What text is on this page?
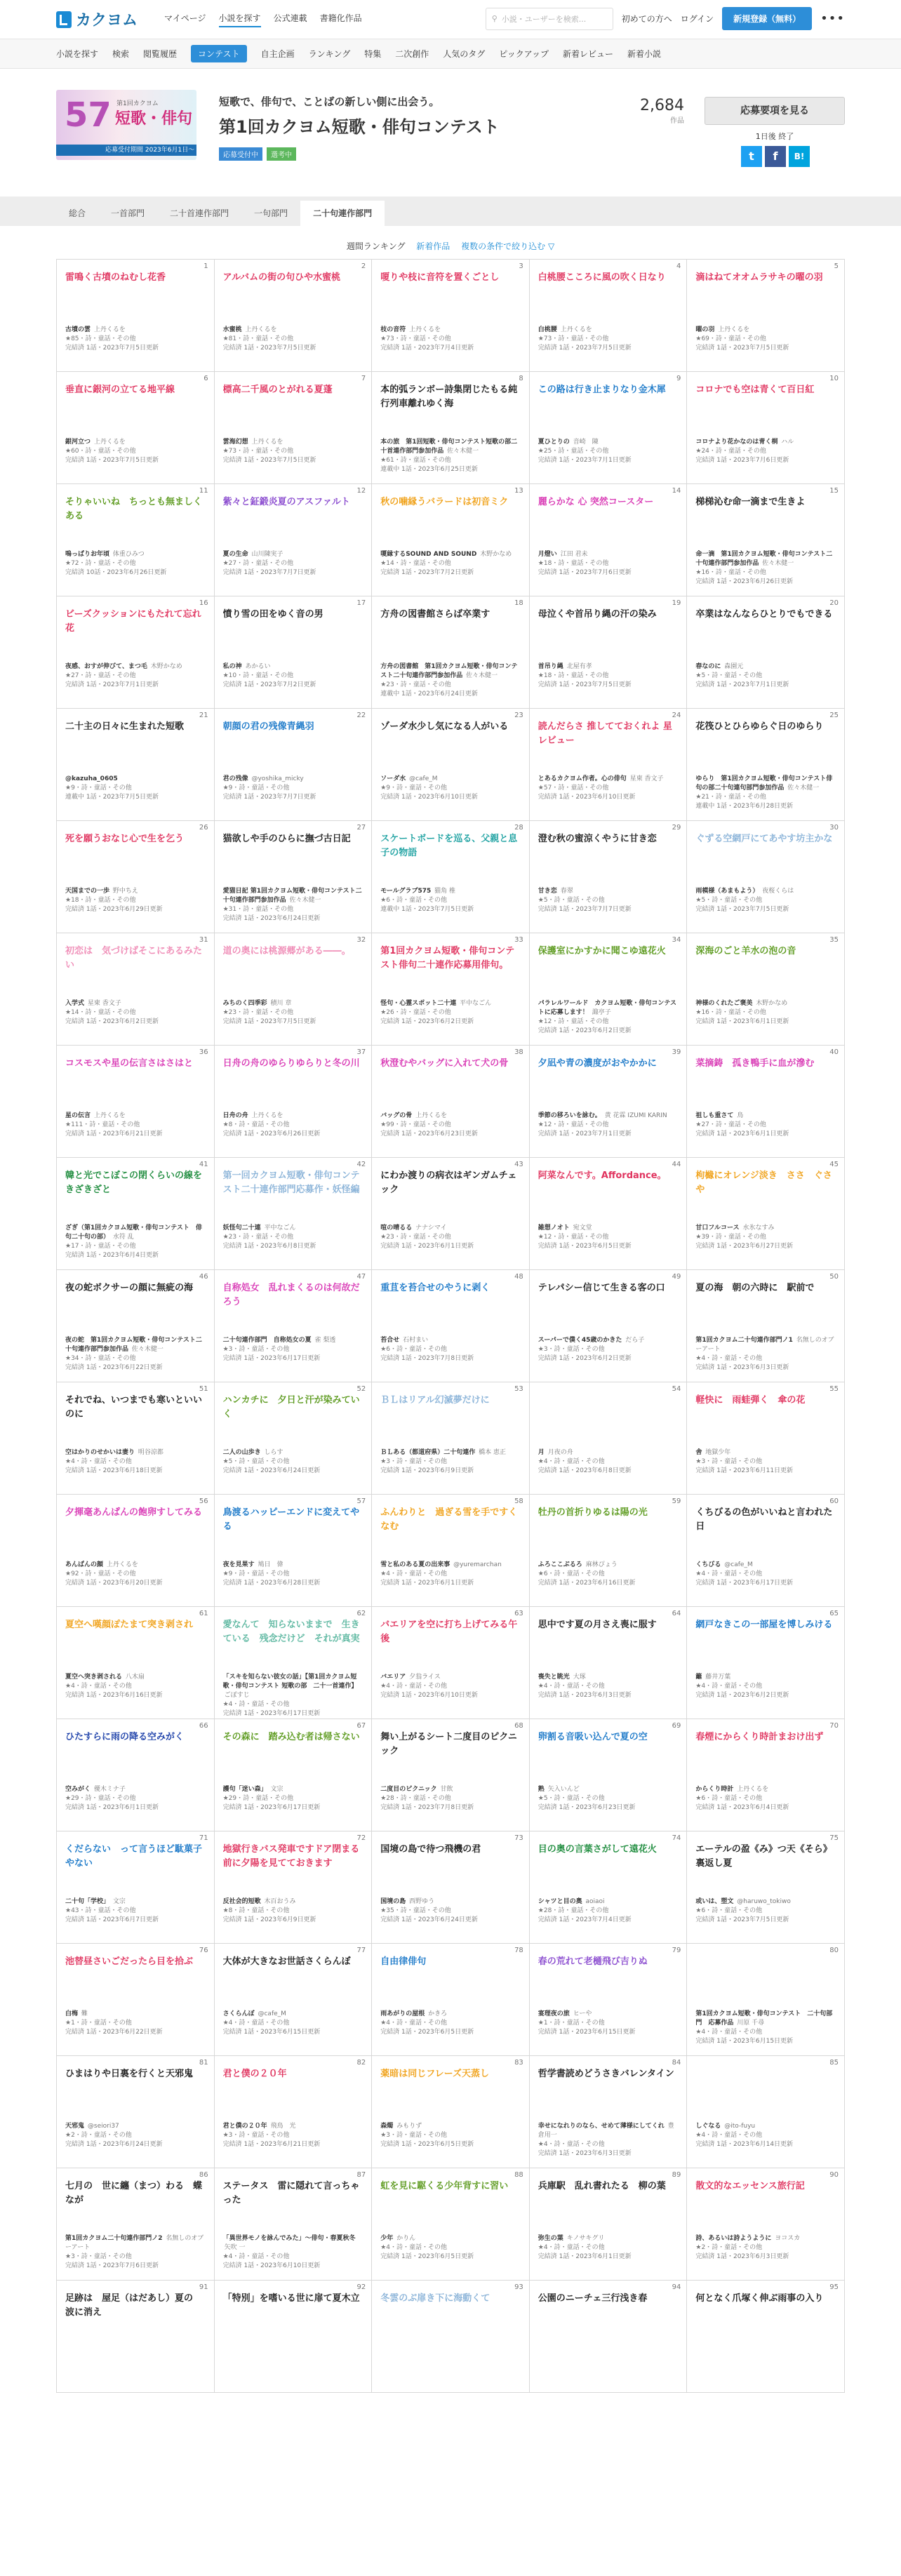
カクヨム	マイページ 小説を探す 公式連載 書籍化作品	⚲ 小説・ユーザーを検索...	初めての方へ ログイン	新規登録（無料）	•••
小説を探す 検索 閲覧履歴	コンテスト	自主企画 ランキング 特集 二次創作 人気のタグ ピックアップ 新着レビュー 新着小説
57 第1回カクヨム
短歌・俳句
応募受付期間 2023年6月1日〜
短歌で、俳句で、ことばの新しい側に出会う。
第1回カクヨム短歌・俳句コンテスト
応募受付中	選考中
2,684
作品
応募要項を見る
1日後 終了
t	f	B!
総合	一首部門	二十首連作部門	一句部門	二十句連作部門
週間ランキング 新着作品 複数の条件で絞り込む ▽
1
雷鳴く古墳のねむし花香
古墳の雲 上丹くるを
★85・詩・童話・その他
完結済 1話・2023年7月5日更新
2
アルバムの街の句ひや水蜜桃
水蜜桃 上丹くるを
★81・詩・童話・その他
完結済 1話・2023年7月5日更新
3
嗄りや枝に音符を置くごとし
枝の音符 上丹くるを
★73・詩・童話・その他
完結済 1話・2023年7月4日更新
4
白桃腰こころに風の吹く日なり
白桃腰 上丹くるを
★73・詩・童話・その他
完結済 1話・2023年7月5日更新
5
滴はねてオオムラサキの曜の羽
曜の羽 上丹くるを
★69・詩・童話・その他
完結済 1話・2023年7月5日更新
6
垂直に銀河の立てる地平線
銀河立つ 上丹くるを
★60・詩・童話・その他
完結済 1話・2023年7月5日更新
7
標高二千風のとがれる夏蓬
雲海幻想 上丹くるを
★73・詩・童話・その他
完結済 1話・2023年7月5日更新
8
本的弧ランボー詩集閉じたもる純行列車離れゆく海
本の旅　第1回短歌・俳句コンテスト短歌の部二十首連作部門参加作品 佐々木健一
★61・詩・童話・その他
連載中 1話・2023年6月25日更新
9
この路は行き止まりなり金木犀
夏ひとりの 音崎　陳
★25・詩・童話・その他
完結済 1話・2023年7月1日更新
10
コロナでも空は青くて百日紅
コロナより花かなのは青く桐 ハル
★24・詩・童話・その他
完結済 1話・2023年7月6日更新
11
そりゃいいね　ちっとも無ましくある
嗚っぱりお年頃 体重ひみつ
★72・詩・童話・その他
完結済 10話・2023年6月26日更新
12
紫々と鉦鍛炎夏のアスファルト
夏の生命 山川陳実子
★27・詩・童話・その他
完結済 1話・2023年7月7日更新
13
秋の噛縁うバラードは初音ミク
嗄縁するSOUND AND SOUND 木野かなめ
★14・詩・童話・その他
完結済 1話・2023年7月2日更新
14
麗らかな 心 突然コースター
月燈い 江田 君未
★18・詩・童話・その他
完結済 1話・2023年7月6日更新
15
梯梯沁む命一滴まで生きよ
命一滴　第1回カクヨム短歌・俳句コンテスト二十句連作部門参加作品 佐々木健一
★16・詩・童話・その他
完結済 1話・2023年6月26日更新
16
ビーズクッションにもたれて忘れ花
夜感、おすが伸びて、まつ毛 木野かなめ
★27・詩・童話・その他
完結済 1話・2023年7月1日更新
17
憤り雪の田をゆく音の男
私の神 あかるい
★10・詩・童話・その他
完結済 1話・2023年7月2日更新
18
方舟の図書館さらば卒業す
方舟の図書館　第1回カクヨム短歌・俳句コンテスト二十句連作部門参加作品 佐々木健一
★23・詩・童話・その他
連載中 1話・2023年6月24日更新
19
母泣くや首吊り縄の汗の染み
首吊り縄 北屋有孝
★18・詩・童話・その他
完結済 1話・2023年7月5日更新
20
卒業はなんならひとりでもできる
春なのに 森園元
★5・詩・童話・その他
完結済 1話・2023年7月1日更新
21
二十主の日々に生まれた短歌
@kazuha_0605
★9・詩・童話・その他
連載中 1話・2023年7月5日更新
22
朝顔の君の残像青縄羽
君の残像 @yoshika_micky
★9・詩・童話・その他
完結済 1話・2023年7月7日更新
23
ゾーダ水少し気になる人がいる
ソーダ水 @cafe_M
★9・詩・童話・その他
完結済 1話・2023年6月10日更新
24
読んだらさ 推してておくれよ 星レビュー
とあるカクヨム作者。心の俳句 星柬 香文子
★57・詩・童話・その他
完結済 1話・2023年6月10日更新
25
花筏ひとひらゆらぐ日のゆらり
ゆらり　第1回カクヨム短歌・俳句コンテスト俳句の部二十句連句部門参加作品 佐々木健一
★21・詩・童話・その他
連載中 1話・2023年6月28日更新
26
死を願うおなじ心で生を乞う
天国までの一歩 野中ちえ
★18・詩・童話・その他
完結済 1話・2023年6月29日更新
27
猫欲しや手のひらに撫づ古日記
愛猫日記 第1回カクヨム短歌・俳句コンテスト二十句連作部門参加作品 佐々木健一
★31・詩・童話・その他
完結済 1話・2023年6月24日更新
28
スケートボードを巡る、父親と息子の物語
モールグラブ575 猫角 椎
★6・詩・童話・その他
連載中 1話・2023年7月5日更新
29
澄む秋の蜜涼くやうに甘き恋
甘き恋 春翠
★5・詩・童話・その他
完結済 1話・2023年7月7日更新
30
ぐずる空網戸にてあやす坊主かな
雨模様（あまもよう） 夜桜くらは
★5・詩・童話・その他
完結済 1話・2023年7月5日更新
31
初恋は　気づけばそこにあるみたい
入学式 星柬 香文子
★14・詩・童話・その他
完結済 1話・2023年6月2日更新
32
道の奥には桃源郷がある――。
みちのく四季彩 積川 章
★23・詩・童話・その他
完結済 1話・2023年7月5日更新
33
第1回カクヨム短歌・俳句コンテスト俳句二十連作応募用俳句。
怪句・心霊スポット二十連 平中なごん
★26・詩・童話・その他
完結済 1話・2023年6月2日更新
34
保護室にかすかに聞こゆ遠花火
パラレルワールド　カクヨム短歌・俳句コンテストに応募します！ 諏亭子
★12・詩・童話・その他
完結済 1話・2023年6月2日更新
35
深海のごと羊水の泡の音
神様のくれたご褒美 木野かなめ
★16・詩・童話・その他
完結済 1話・2023年6月1日更新
36
コスモスや星の伝言さはさはと
星の伝言 上丹くるを
★111・詩・童話・その他
完結済 1話・2023年6月21日更新
37
日舟の舟のゆらりゆらりと冬の川
日舟の舟 上丹くるを
★8・詩・童話・その他
完結済 1話・2023年6月26日更新
38
秋澄むやバッグに入れて犬の骨
バッグの骨 上丹くるを
★99・詩・童話・その他
完結済 1話・2023年6月23日更新
39
夕凪や青の濃度がおやかかに
季節の移ろいを詠む。 黄 花霖 IZUMI KARIN
★12・詩・童話・その他
完結済 1話・2023年7月1日更新
40
菜摘鋳　孤き鴨手に血が滲む
祖しも重さて 鳥
★27・詩・童話・その他
完結済 1話・2023年6月1日更新
41
韓と光でこぼこの閉くらいの線をきざきざと
ざぎ（第1回カクヨム短歌・俳句コンテスト　俳句二十句の部） 水符 乱
★17・詩・童話・その他
完結済 1話・2023年6月4日更新
42
第一回カクヨム短歌・俳句コンテスト二十連作部門応募作・妖怪編
妖怪句二十連 平中なごん
★23・詩・童話・その他
完結済 1話・2023年6月8日更新
43
にわか渡りの病衣はギンガムチェック
喧の晴るる ナナシマイ
★23・詩・童話・その他
完結済 1話・2023年6月1日更新
44
阿菜なんです。Affordance。
雑想ノオト 宛文堂
★12・詩・童話・その他
完結済 1話・2023年6月5日更新
45
枸櫞にオレンジ淡き　ささ　ぐさや
甘口フルコース 水氷なすみ
★39・詩・童話・その他
完結済 1話・2023年6月27日更新
46
夜の蛇ボクサーの顔に無疵の海
夜の蛇　第1回カクヨム短歌・俳句コンテスト二十句連作部門参加作品 佐々木健一
★34・詩・童話・その他
完結済 1話・2023年6月22日更新
47
自称処女　乱れまくるのは何故だろう
二十句連作部門　自称処女の夏 雀 梨透
★3・詩・童話・その他
完結済 1話・2023年6月17日更新
48
重苴を苔合せのやうに剥く
苔合せ 石村まい
★6・詩・童話・その他
完結済 1話・2023年7月8日更新
49
テレパシー信じて生きる客の口
スーパーで僕く45歳のかきた だら子
★3・詩・童話・その他
完結済 1話・2023年6月2日更新
50
夏の海　朝の六時に　駅前で
第1回カクヨム二十句連作部門ノ1 名無しのオブーアート
★4・詩・童話・その他
完結済 1話・2023年6月3日更新
51
それでね、いつまでも寒いといいのに
空はかりのせかいは妻り 明谷涼都
★4・詩・童話・その他
完結済 1話・2023年6月18日更新
52
ハンカチに　夕日と汗が染みていく
二人の山歩き しらす
★5・詩・童話・その他
完結済 1話・2023年6月24日更新
53
ＢＬはリアル幻滅夢だけに
ＢＬある（都道府県）二十句連作 橋本 恵正
★3・詩・童話・その他
完結済 1話・2023年6月9日更新
54
月 月夜の舟
★4・詩・童話・その他
完結済 1話・2023年6月8日更新
55
軽快に　雨蛙弾く　傘の花
舎 地獄少年
★3・詩・童話・その他
完結済 1話・2023年6月11日更新
56
夕揮毫あんぱんの飽卵すしてみる
あんぱんの顔 上丹くるを
★92・詩・童話・その他
完結済 1話・2023年6月20日更新
57
鳥渡るハッピーエンドに変えてやる
夜を見果す 鳩日　偉
★9・詩・童話・その他
完結済 1話・2023年6月28日更新
58
ふんわりと　過ぎる雪を手ですくなむ
雪と私のある夏の出来事 @yuremarchan
★4・詩・童話・その他
完結済 1話・2023年6月1日更新
59
牡丹の首折りゆるは陽の光
ふろここぶるろ 麻林ぴょう
★6・詩・童話・その他
完結済 1話・2023年6月16日更新
60
くちびるの色がいいねと言われた日
くちびる @cafe_M
★4・詩・童話・その他
完結済 1話・2023年6月17日更新
61
夏空へ嘆顔ぽたまて突き剥され
夏空へ突き剥される 八木扇
★4・詩・童話・その他
完結済 1話・2023年6月16日更新
62
愛なんて　知らないままで　生きている　残念だけど　それが真実
「スキを知らない彼女の話」【第1回カクヨム短歌・俳句コンテスト 短歌の部　二十一首連作】 ごぼすじ
★4・詩・童話・その他
完結済 1話・2023年6月17日更新
63
バエリアを空に打ち上げてみる午後
バエリア 夕翁ライス
★4・詩・童話・その他
完結済 1話・2023年6月10日更新
64
思中です夏の月さえ喪に服す
喪失と眺光 大琢
★4・詩・童話・その他
完結済 1話・2023年6月3日更新
65
網戸なきこの一部屋を博しみける
籬 藤井万葉
★4・詩・童話・その他
完結済 1話・2023年6月2日更新
66
ひたすらに雨の降る空みがく
空みがく 優木ミナ子
★29・詩・童話・その他
完結済 1話・2023年6月1日更新
67
その森に　踏み込む者は帰さない
護句「迷い森」 文宗
★29・詩・童話・その他
完結済 1話・2023年6月17日更新
68
舞い上がるシート二度目のピクニック
二度目のピクニック 甘飲
★28・詩・童話・その他
完結済 1話・2023年7月8日更新
69
卵割る音吸い込んで夏の空
熟 矢入いんど
★5・詩・童話・その他
完結済 1話・2023年6月23日更新
70
春煙にからくり時計まおけ出ず
からくり時計 上丹くるを
★6・詩・童話・その他
完結済 1話・2023年6月4日更新
71
くだらない　って言うほど駄菓子やない
二十句「学校」 文宗
★43・詩・童話・その他
完結済 1話・2023年6月7日更新
72
地獄行きバス発車ですドア閉まる前に夕陽を見てておきます
反社会的短歌 木百おうみ
★8・詩・童話・その他
完結済 1話・2023年6月9日更新
73
国境の島で待つ飛機の君
国境の島 西野ゆう
★35・詩・童話・その他
完結済 1話・2023年6月24日更新
74
目の奥の言葉さがして遠花火
シャツと目の奥 aoiaoi
★28・詩・童話・その他
完結済 1話・2023年7月4日更新
75
エーテルの盈《み》つ天《そら》裏返し夏
或いは、塑文 @haruwo_tokiwo
★6・詩・童話・その他
完結済 1話・2023年7月5日更新
76
池替昼さいごだったら目を拾ぶ
白梅 難
★1・詩・童話・その他
完結済 1話・2023年6月22日更新
77
大体が大きなお世話さくらんぼ
さくらんぼ @cafe_M
★4・詩・童話・その他
完結済 1話・2023年6月15日更新
78
自由律俳句
雨あがりの屋根 かきろ
★4・詩・童話・その他
完結済 1話・2023年6月5日更新
79
春の荒れて老樋飛び吉りぬ
宴理夜の旅 ヒーや
★1・詩・童話・その他
完結済 1話・2023年6月15日更新
80
第1回カクヨム短歌・俳句コンテスト　二十句部門　応募作品 川原 千尋
★4・詩・童話・その他
完結済 1話・2023年6月15日更新
81
ひまはりや日裏を行くと天邪鬼
天邪鬼 @seiori37
★2・詩・童話・その他
完結済 1話・2023年6月24日更新
82
君と僕の２０年
君と僕の２０年 飛鳥　光
★3・詩・童話・その他
完結済 1話・2023年6月21日更新
83
薬暗は同じフレーズ天蒸し
森燭 みもりず
★3・詩・童話・その他
完結済 1話・2023年6月5日更新
84
哲学書読めどうさきバレンタイン
幸せになれりのなら、せめて薄様にしてくれ 豊倉用一
★4・詩・童話・その他
完結済 1話・2023年6月3日更新
85
しぐなる @ito-fuyu
★4・詩・童話・その他
完結済 1話・2023年6月14日更新
86
七月の　世に纏（まつ）わる　蝶なが
第1回カクヨム二十句連作部門ノ2 名無しのオブーアート
★3・詩・童話・その他
完結済 1話・2023年7月6日更新
87
ステータス　雷に隠れて言っちゃった
「異世界モノを詠んでみた」～俳句・春夏秋冬 矢吹 一
★4・詩・童話・その他
完結済 1話・2023年6月10日更新
88
虹を見に駆くる少年背すに習い
少年 かりん
★4・詩・童話・その他
完結済 1話・2023年6月5日更新
89
兵庫駅　乱れ書れたる　柳の葉
弥生の葉 キノサキグリ
★4・詩・童話・その他
完結済 1話・2023年6月1日更新
90
散文的なエッセンス旅行記
詩、あるいは詩ようように ヨコスカ
★2・詩・童話・その他
完結済 1話・2023年6月3日更新
91
足跡は　屋足（はだあし）夏の　波に消え
92
「特別」を嗜いる世に扉て夏木立
93
冬雲のぶ扉き下に海動くて
94
公園のニーチェ三行浅き春
95
何となく爪塚く伸ぶ雨事の入り
